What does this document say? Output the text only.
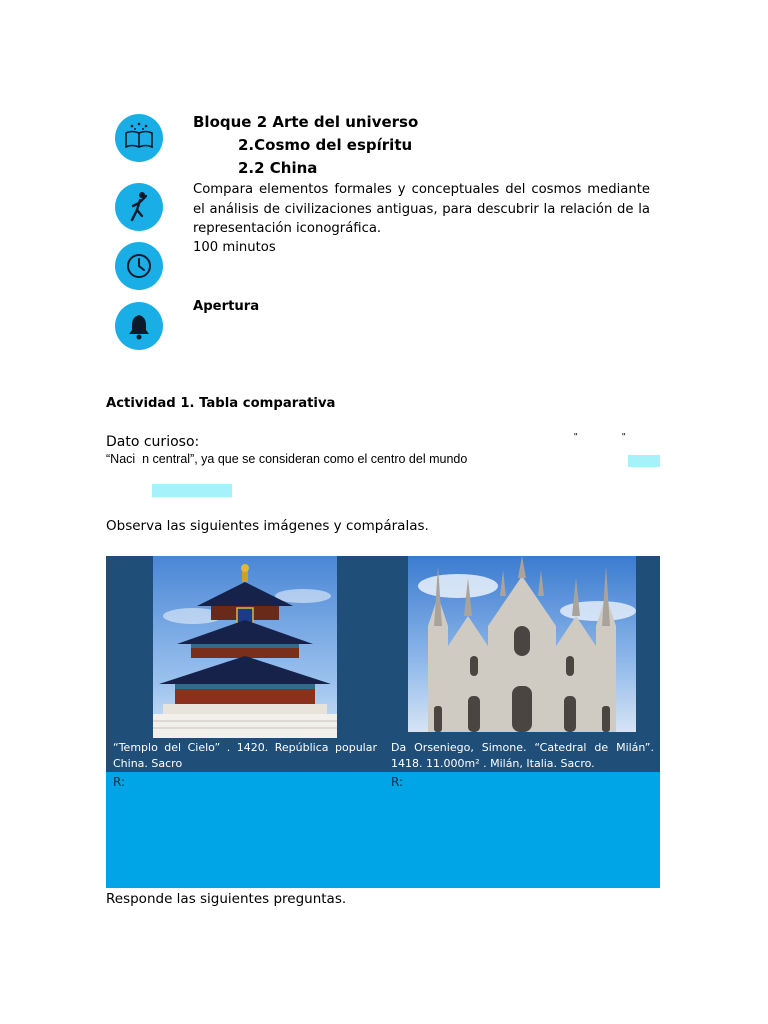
Bloque 2 Arte del universo
2.Cosmo del espíritu
2.2 China
Compara elementos formales y conceptuales del cosmos mediante el análisis de civilizaciones antiguas, para descubrir la relación de la representación iconográfica.
100 minutos
Apertura
Actividad 1. Tabla comparativa
Dato curioso:	"                "
“Naci  n central”, ya que se consideran como el centro del mundo
Observa las siguientes imágenes y compáralas.
“Templo del Cielo” . 1420. República popular China. Sacro
Da Orseniego, Simone. “Catedral de Milán”. 1418. 11.000m² . Milán, Italia. Sacro.
R:	R:
Responde las siguientes preguntas.
